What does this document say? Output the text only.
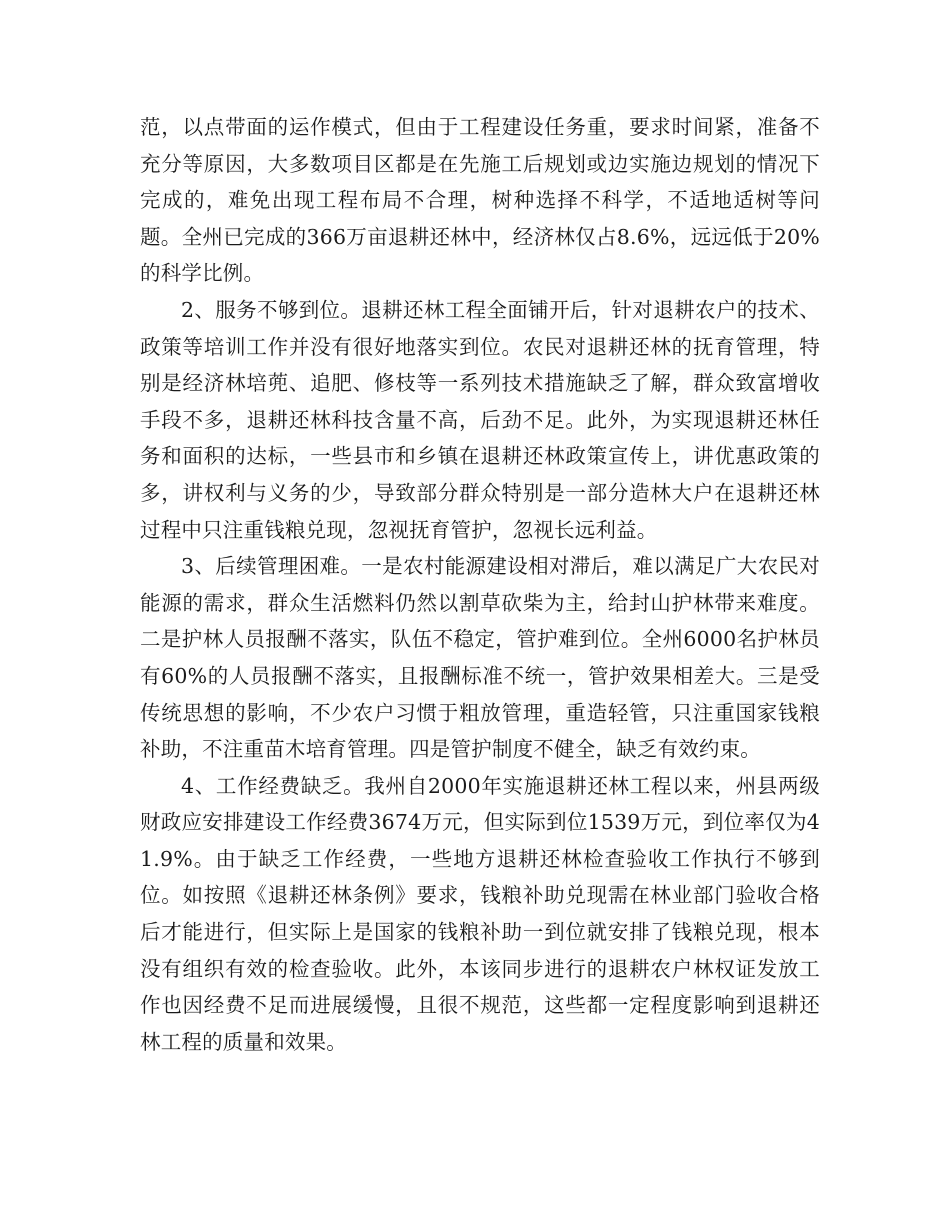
范，以点带面的运作模式，但由于工程建设任务重，要求时间紧，准备不充分等原因，大多数项目区都是在先施工后规划或边实施边规划的情况下完成的，难免出现工程布局不合理，树种选择不科学，不适地适树等问题。全州已完成的366万亩退耕还林中，经济林仅占8.6%，远远低于20%的科学比例。

2、服务不够到位。退耕还林工程全面铺开后，针对退耕农户的技术、政策等培训工作并没有很好地落实到位。农民对退耕还林的抚育管理，特别是经济林培蔸、追肥、修枝等一系列技术措施缺乏了解，群众致富增收手段不多，退耕还林科技含量不高，后劲不足。此外，为实现退耕还林任务和面积的达标，一些县市和乡镇在退耕还林政策宣传上，讲优惠政策的多，讲权利与义务的少，导致部分群众特别是一部分造林大户在退耕还林过程中只注重钱粮兑现，忽视抚育管护，忽视长远利益。

3、后续管理困难。一是农村能源建设相对滞后，难以满足广大农民对能源的需求，群众生活燃料仍然以割草砍柴为主，给封山护林带来难度。二是护林人员报酬不落实，队伍不稳定，管护难到位。全州6000名护林员有60%的人员报酬不落实，且报酬标准不统一，管护效果相差大。三是受传统思想的影响，不少农户习惯于粗放管理，重造轻管，只注重国家钱粮补助，不注重苗木培育管理。四是管护制度不健全，缺乏有效约束。

4、工作经费缺乏。我州自2000年实施退耕还林工程以来，州县两级财政应安排建设工作经费3674万元，但实际到位1539万元，到位率仅为41.9%。由于缺乏工作经费，一些地方退耕还林检查验收工作执行不够到位。如按照《退耕还林条例》要求，钱粮补助兑现需在林业部门验收合格后才能进行，但实际上是国家的钱粮补助一到位就安排了钱粮兑现，根本没有组织有效的检查验收。此外，本该同步进行的退耕农户林权证发放工作也因经费不足而进展缓慢，且很不规范，这些都一定程度影响到退耕还林工程的质量和效果。
